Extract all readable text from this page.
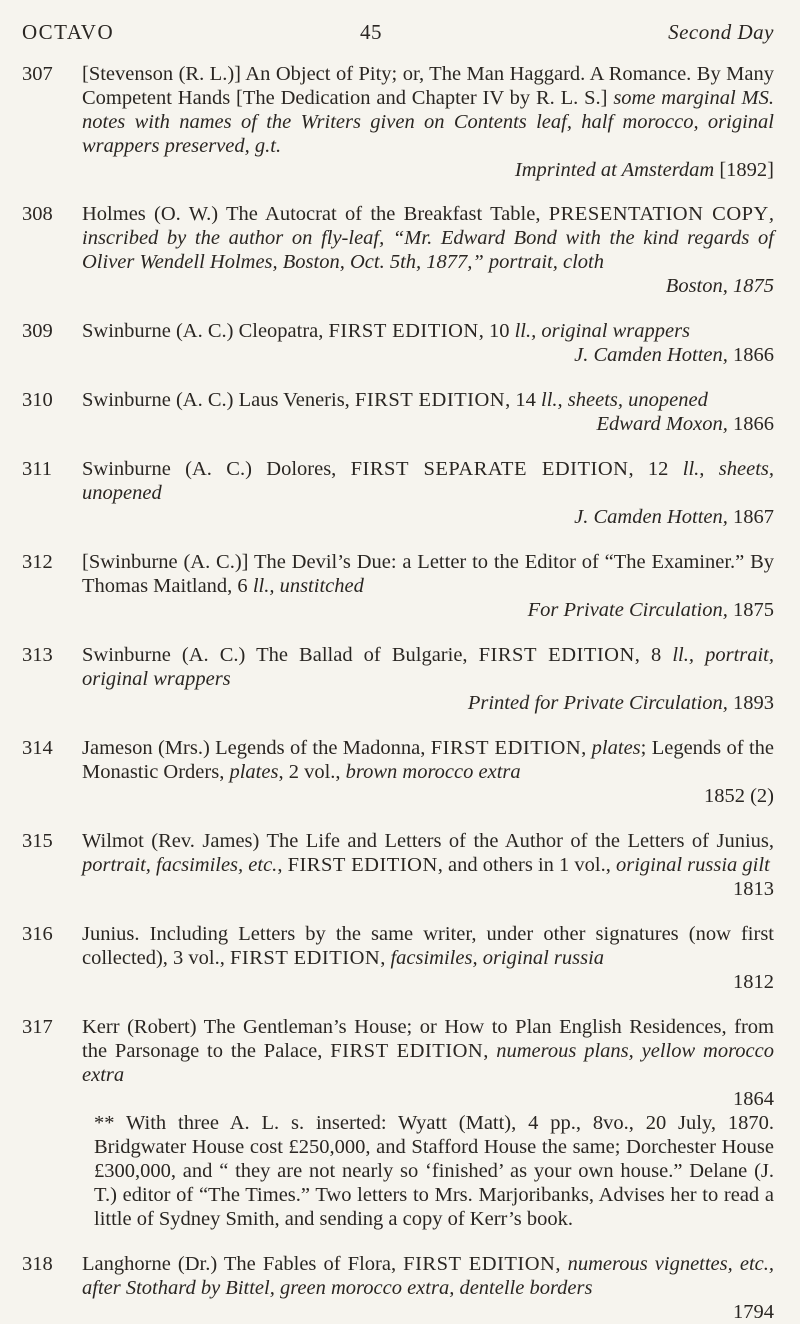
OCTAVO	45	Second Day
307	[Stevenson (R. L.)] An Object of Pity; or, The Man Haggard. A Romance. By Many Competent Hands [The Dedication and Chapter IV by R. L. S.] some marginal MS. notes with names of the Writers given on Contents leaf, half morocco, original wrappers preserved, g.t.
Imprinted at Amsterdam [1892]
308	Holmes (O. W.) The Autocrat of the Breakfast Table, PRESENTATION COPY, inscribed by the author on fly-leaf, “Mr. Edward Bond with the kind regards of Oliver Wendell Holmes, Boston, Oct. 5th, 1877,” portrait, cloth
Boston, 1875
309	Swinburne (A. C.) Cleopatra, FIRST EDITION, 10 ll., original wrappers
J. Camden Hotten, 1866
310	Swinburne (A. C.) Laus Veneris, FIRST EDITION, 14 ll., sheets, unopened
Edward Moxon, 1866
311	Swinburne (A. C.) Dolores, FIRST SEPARATE EDITION, 12 ll., sheets, unopened
J. Camden Hotten, 1867
312	[Swinburne (A. C.)] The Devil’s Due: a Letter to the Editor of “The Examiner.” By Thomas Maitland, 6 ll., unstitched
For Private Circulation, 1875
313	Swinburne (A. C.) The Ballad of Bulgarie, FIRST EDITION, 8 ll., portrait, original wrappers
Printed for Private Circulation, 1893
314	Jameson (Mrs.) Legends of the Madonna, FIRST EDITION, plates; Legends of the Monastic Orders, plates, 2 vol., brown morocco extra
1852 (2)
315	Wilmot (Rev. James) The Life and Letters of the Author of the Letters of Junius, portrait, facsimiles, etc., FIRST EDITION, and others in 1 vol., original russia gilt
1813
316	Junius. Including Letters by the same writer, under other signatures (now first collected), 3 vol., FIRST EDITION, facsimiles, original russia
1812
317	Kerr (Robert) The Gentleman’s House; or How to Plan English Residences, from the Parsonage to the Palace, FIRST EDITION, numerous plans, yellow morocco extra
1864
** With three A. L. s. inserted: Wyatt (Matt), 4 pp., 8vo., 20 July, 1870. Bridgwater House cost £250,000, and Stafford House the same; Dorchester House £300,000, and “ they are not nearly so ‘finished’ as your own house.” Delane (J. T.) editor of “The Times.” Two letters to Mrs. Marjoribanks, Advises her to read a little of Sydney Smith, and sending a copy of Kerr’s book.
318	Langhorne (Dr.) The Fables of Flora, FIRST EDITION, numerous vignettes, etc., after Stothard by Bittel, green morocco extra, dentelle borders
1794
